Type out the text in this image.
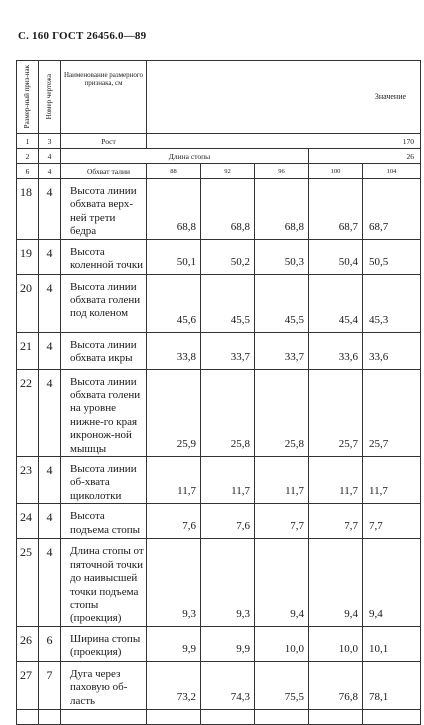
С. 160 ГОСТ 26456.0—89
Размер-ный приз-нак	Номер чертежа	Наименование размерного признака, см	Значение				
1	3	Рост	170				
2	4	Длина стопы				26	
6	4	Обхват талии	88	92	96	100	104
18	4	Высота линии обхвата верх-ней трети бедра	68,8	68,8	68,8	68,7	68,7
19	4	Высота коленной точки	50,1	50,2	50,3	50,4	50,5
20	4	Высота линии обхвата голени под коленом	45,6	45,5	45,5	45,4	45,3
21	4	Высота линии обхвата икры	33,8	33,7	33,7	33,6	33,6
22	4	Высота линии обхвата голени на уровне нижне-го края икронож-ной мышцы	25,9	25,8	25,8	25,7	25,7
23	4	Высота линии об-хвата щиколотки	11,7	11,7	11,7	11,7	11,7
24	4	Высота подъема стопы	7,6	7,6	7,7	7,7	7,7
25	4	Длина стопы от пяточной точки до наивысшей точки подъема стопы (проекция)	9,3	9,3	9,4	9,4	9,4
26	6	Ширина стопы (проекция)	9,9	9,9	10,0	10,0	10,1
27	7	Дуга через паховую об-ласть	73,2	74,3	75,5	76,8	78,1
